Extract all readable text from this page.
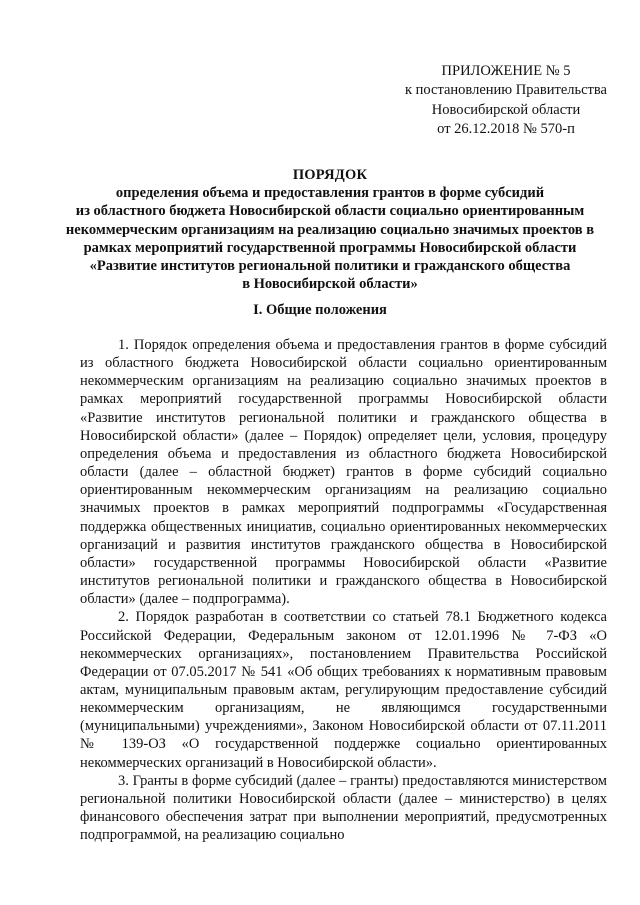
ПРИЛОЖЕНИЕ № 5
к постановлению Правительства
Новосибирской области
от 26.12.2018 № 570-п
ПОРЯДОК
определения объема и предоставления грантов в форме субсидий
из областного бюджета Новосибирской области социально ориентированным
некоммерческим организациям на реализацию социально значимых проектов в
рамках мероприятий государственной программы Новосибирской области
«Развитие институтов региональной политики и гражданского общества
в Новосибирской области»
I. Общие положения

1. Порядок определения объема и предоставления грантов в форме субсидий из областного бюджета Новосибирской области социально ориентированным некоммерческим организациям на реализацию социально значимых проектов в рамках мероприятий государственной программы Новосибирской области «Развитие институтов региональной политики и гражданского общества в Новосибирской области» (далее – Порядок) определяет цели, условия, процедуру определения объема и предоставления из областного бюджета Новосибирской области (далее – областной бюджет) грантов в форме субсидий социально ориентированным некоммерческим организациям на реализацию социально значимых проектов в рамках мероприятий подпрограммы «Государственная поддержка общественных инициатив, социально ориентированных некоммерческих организаций и развития институтов гражданского общества в Новосибирской области» государственной программы Новосибирской области «Развитие институтов региональной политики и гражданского общества в Новосибирской области» (далее – подпрограмма).

2. Порядок разработан в соответствии со статьей 78.1 Бюджетного кодекса Российской Федерации, Федеральным законом от 12.01.1996 № 7-ФЗ «О некоммерческих организациях», постановлением Правительства Российской Федерации от 07.05.2017 № 541 «Об общих требованиях к нормативным правовым актам, муниципальным правовым актам, регулирующим предоставление субсидий некоммерческим организациям, не являющимся государственными (муниципальными) учреждениями», Законом Новосибирской области от 07.11.2011 № 139-ОЗ «О государственной поддержке социально ориентированных некоммерческих организаций в Новосибирской области».

3. Гранты в форме субсидий (далее – гранты) предоставляются министерством региональной политики Новосибирской области (далее – министерство) в целях финансового обеспечения затрат при выполнении мероприятий, предусмотренных подпрограммой, на реализацию социально
